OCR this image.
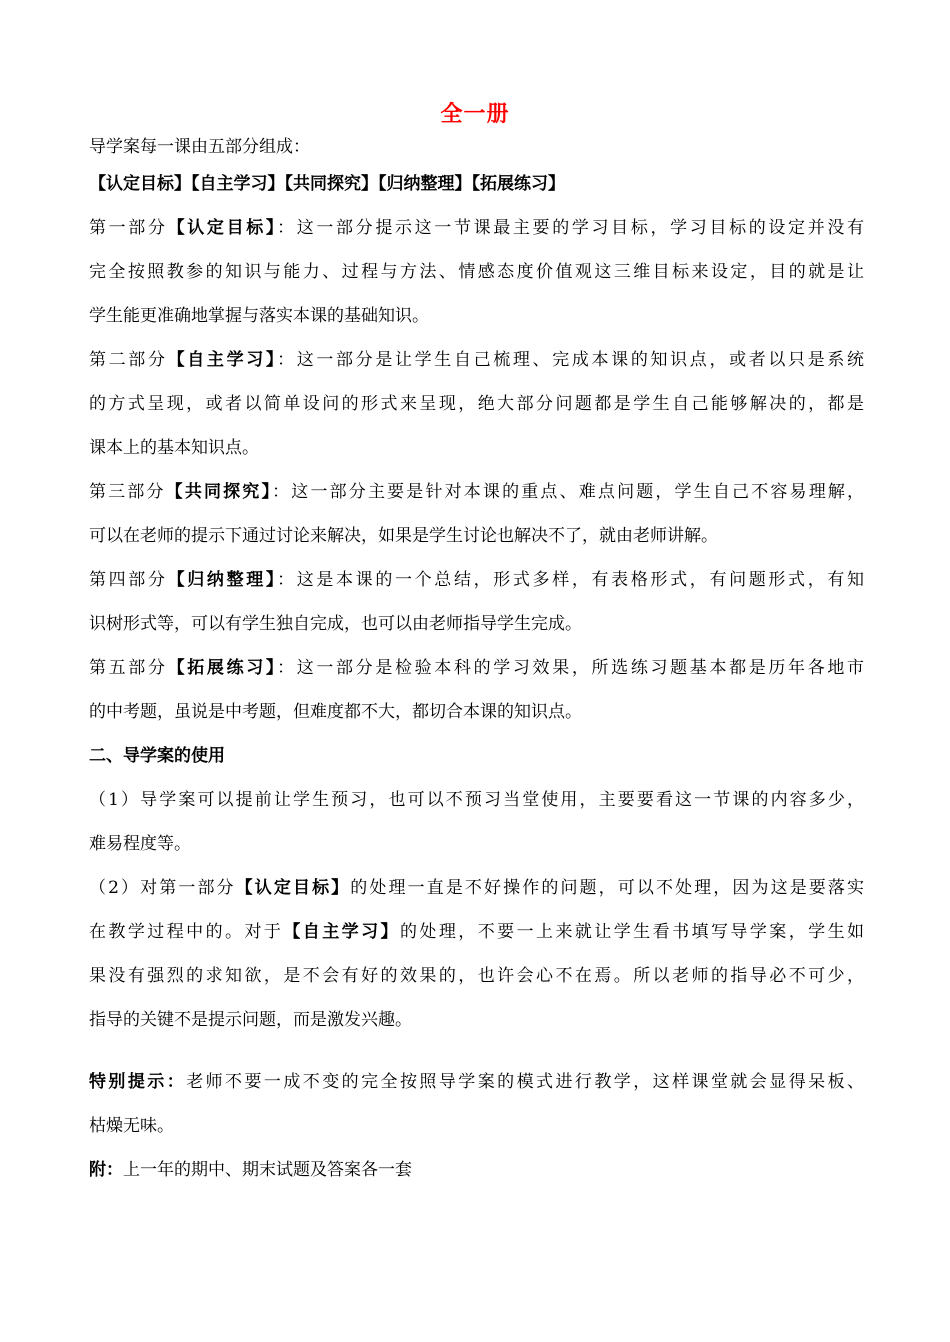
全一册
导学案每一课由五部分组成：
【认定目标】【自主学习】【共同探究】【归纳整理】【拓展练习】
第一部分【认定目标】：这一部分提示这一节课最主要的学习目标，学习目标的设定并没有
完全按照教参的知识与能力、过程与方法、情感态度价值观这三维目标来设定，目的就是让
学生能更准确地掌握与落实本课的基础知识。
第二部分【自主学习】：这一部分是让学生自己梳理、完成本课的知识点，或者以只是系统
的方式呈现，或者以简单设问的形式来呈现，绝大部分问题都是学生自己能够解决的，都是
课本上的基本知识点。
第三部分【共同探究】：这一部分主要是针对本课的重点、难点问题，学生自己不容易理解，
可以在老师的提示下通过讨论来解决，如果是学生讨论也解决不了，就由老师讲解。
第四部分【归纳整理】：这是本课的一个总结，形式多样，有表格形式，有问题形式，有知
识树形式等，可以有学生独自完成，也可以由老师指导学生完成。
第五部分【拓展练习】：这一部分是检验本科的学习效果，所选练习题基本都是历年各地市
的中考题，虽说是中考题，但难度都不大，都切合本课的知识点。
二、导学案的使用
（1）导学案可以提前让学生预习，也可以不预习当堂使用，主要要看这一节课的内容多少，
难易程度等。
（2）对第一部分【认定目标】的处理一直是不好操作的问题，可以不处理，因为这是要落实
在教学过程中的。对于【自主学习】的处理，不要一上来就让学生看书填写导学案，学生如
果没有强烈的求知欲，是不会有好的效果的，也许会心不在焉。所以老师的指导必不可少，
指导的关键不是提示问题，而是激发兴趣。
特别提示：老师不要一成不变的完全按照导学案的模式进行教学，这样课堂就会显得呆板、
枯燥无味。
附：上一年的期中、期末试题及答案各一套
